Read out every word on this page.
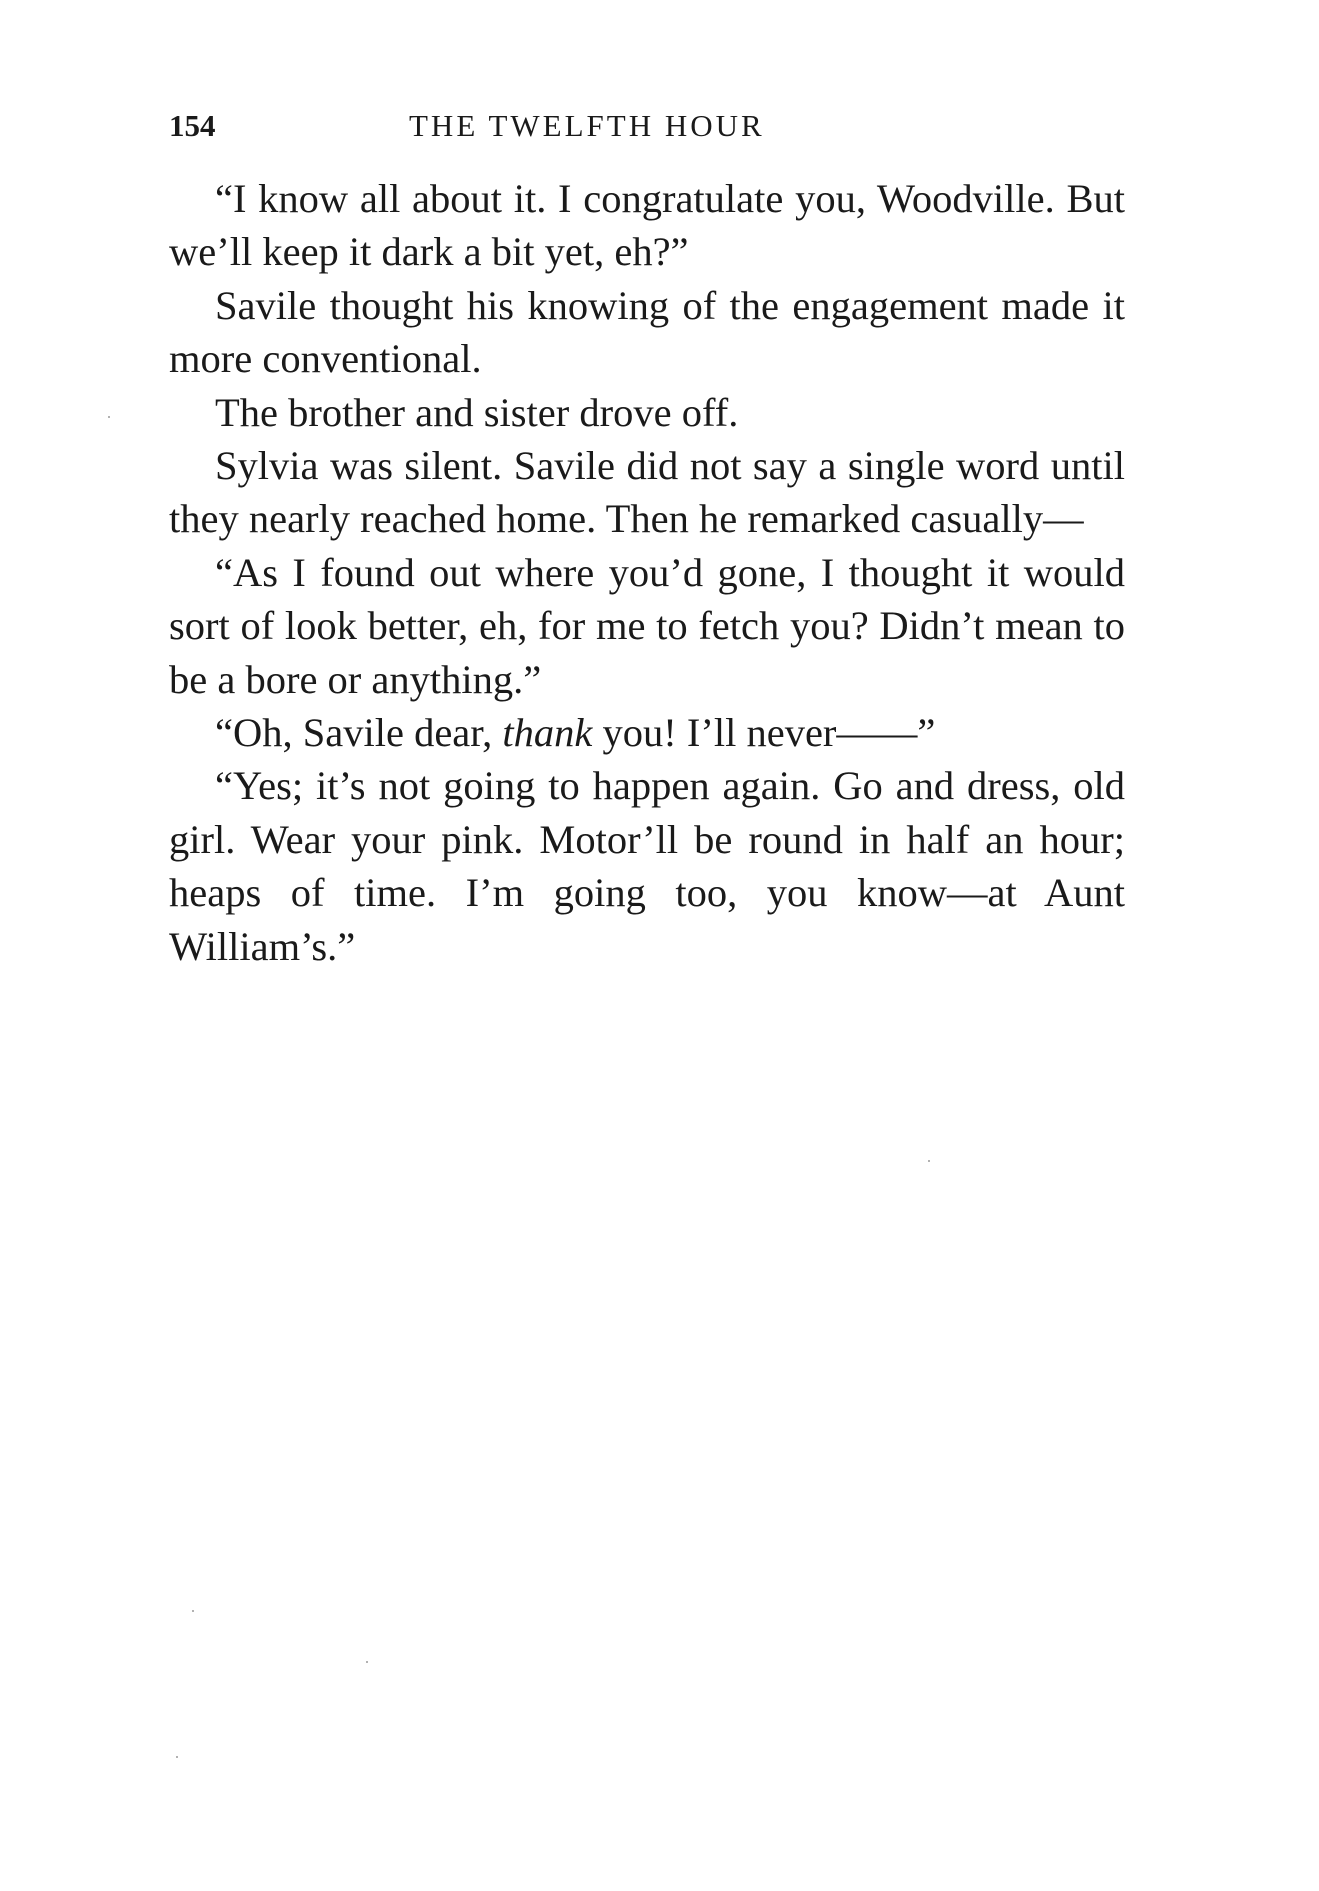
154	THE TWELFTH HOUR

“I know all about it. I congratulate you, Woodville. But we’ll keep it dark a bit yet, eh?”

Savile thought his knowing of the engagement made it more conventional.

The brother and sister drove off.

Sylvia was silent. Savile did not say a single word until they nearly reached home. Then he remarked casually—

“As I found out where you’d gone, I thought it would sort of look better, eh, for me to fetch you? Didn’t mean to be a bore or anything.”

“Oh, Savile dear, thank you! I’ll never——”

“Yes; it’s not going to happen again. Go and dress, old girl. Wear your pink. Motor’ll be round in half an hour; heaps of time. I’m going too, you know—at Aunt William’s.”
